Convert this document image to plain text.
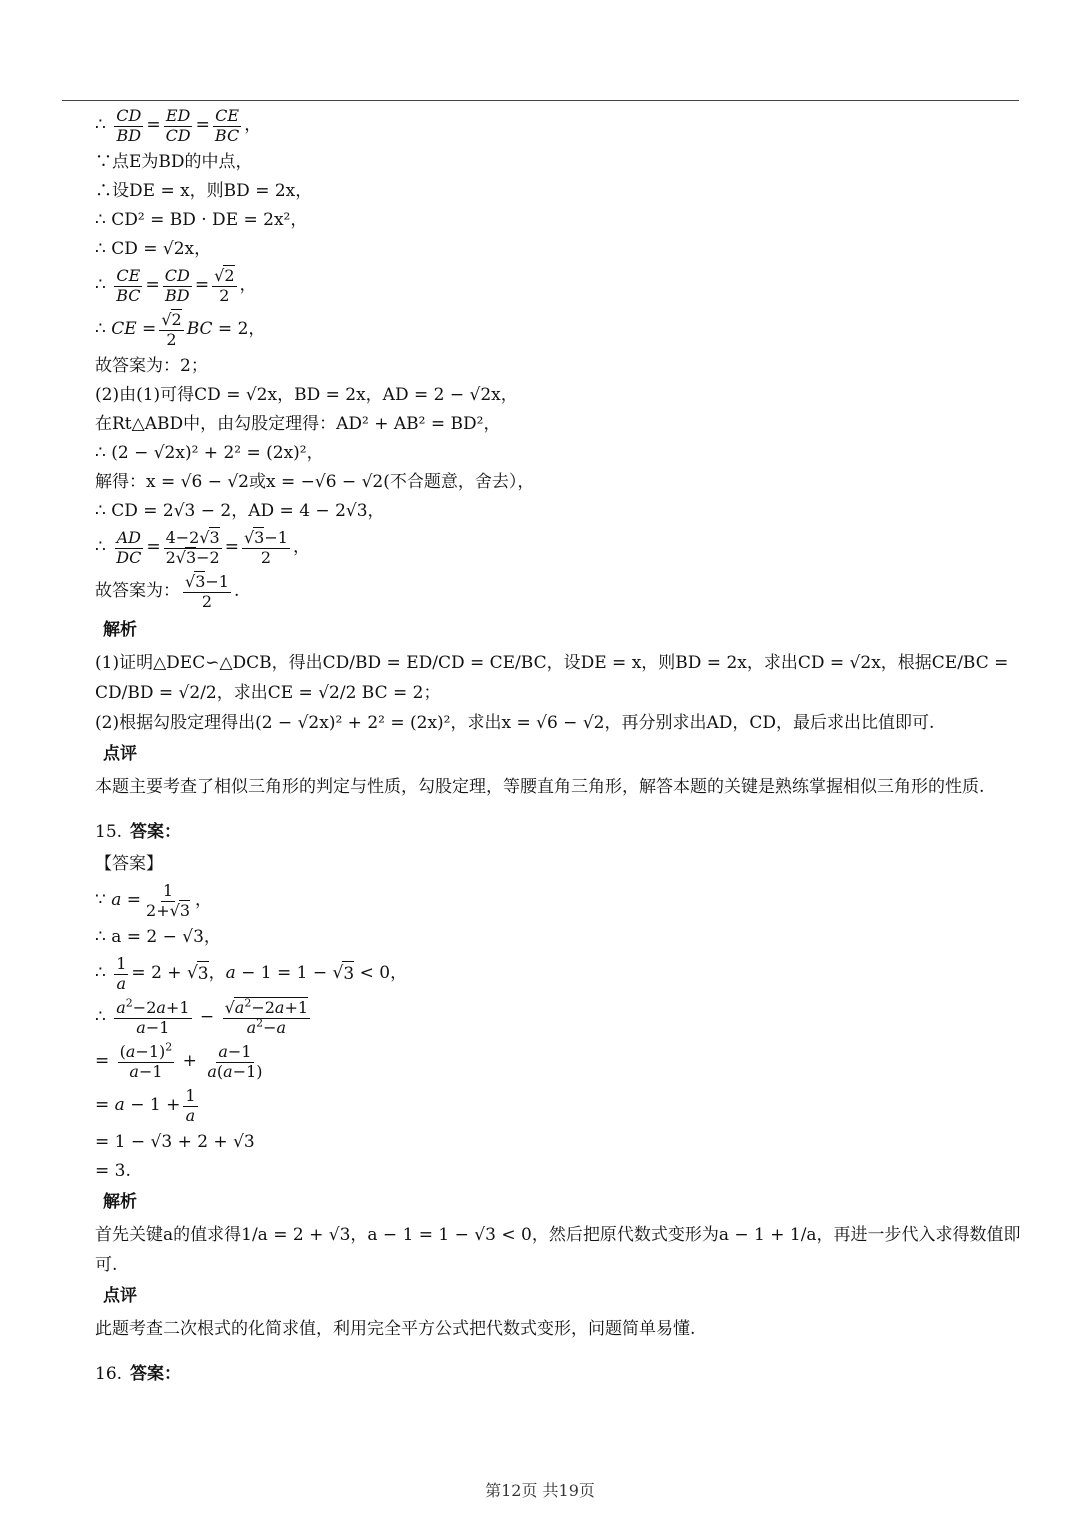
∴ $\frac{CD}{BD} = \frac{ED}{CD} = \frac{CE}{BC}$ ，
∵点E为BD的中点，
∴设DE = x，则BD = 2x，
∴ CD² = BD · DE = 2x²，
∴ CD = √2x，
∴ $\frac{CE}{BC} = \frac{CD}{BD} = \frac{√2}{2}$ ，
∴ CE = $\frac{√2}{2}$ BC = 2，
故答案为：2；
(2)由(1)可得CD = √2x，BD = 2x，AD = 2 − √2x，
在Rt△ABD中，由勾股定理得：AD² + AB² = BD²，
∴ (2 − √2x)² + 2² = (2x)²，
解得：x = √6 − √2或x = −√6 − √2(不合题意，舍去），
∴ CD = 2√3 − 2，AD = 4 − 2√3，
∴ $\frac{AD}{DC} = \frac{4-2√3}{2√3-2} = \frac{√3-1}{2}$ ，
故答案为： $\frac{√3-1}{2}$ .
解析
(1)证明△DEC∽△DCB，得出CD/BD = ED/CD = CE/BC，设DE = x，则BD = 2x，求出CD = √2x，根据CE/BC = CD/BD = √2/2，求出CE = √2/2 BC = 2；
(2)根据勾股定理得出(2 − √2x)² + 2² = (2x)²，求出x = √6 − √2，再分别求出AD，CD，最后求出比值即可.
点评
本题主要考查了相似三角形的判定与性质，勾股定理，等腰直角三角形，解答本题的关键是熟练掌握相似三角形的性质.
15. 答案：
【答案】
∵ $a = \frac{1}{2+√3}$ ，
∴ a = 2 − √3，
∴ $\frac{1}{a} = 2$ + √ 3 ， a − 1 = 1 − √ 3 < 0，
∴ $\frac{a^2-2a+1}{a-1} - \frac{√a^2-2a+1}{a^2-a}$
= $\frac{(a-1)^2}{a-1} + \frac{a-1}{a(a-1)}$
= $a - 1 + \frac{1}{a}$
= 1 − √3 + 2 + √3
= 3.
解析
首先关键a的值求得1/a = 2 + √3，a − 1 = 1 − √3 < 0，然后把原代数式变形为a − 1 + 1/a，再进一步代入求得数值即可.
点评
此题考查二次根式的化简求值，利用完全平方公式把代数式变形，问题简单易懂.
16. 答案：
第12页 共19页
